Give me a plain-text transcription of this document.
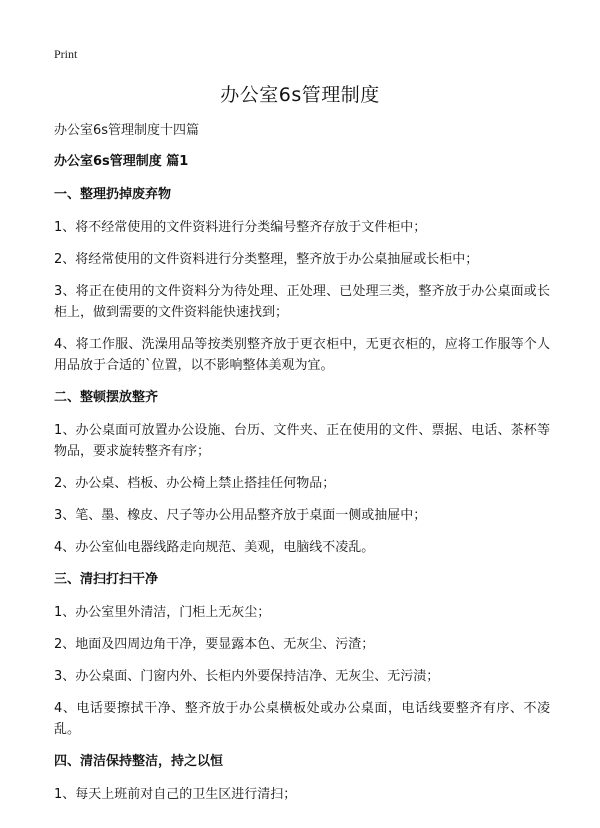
Print
办公室6s管理制度

办公室6s管理制度十四篇

办公室6s管理制度 篇1

一、整理扔掉废弃物

1、将不经常使用的文件资料进行分类编号整齐存放于文件柜中；

2、将经常使用的文件资料进行分类整理，整齐放于办公桌抽屉或长柜中；

3、将正在使用的文件资料分为待处理、正处理、已处理三类，整齐放于办公桌面或长柜上，做到需要的文件资料能快速找到；

4、将工作服、洗澡用品等按类别整齐放于更衣柜中，无更衣柜的，应将工作服等个人用品放于合适的`位置，以不影响整体美观为宜。

二、整顿摆放整齐

1、办公桌面可放置办公设施、台历、文件夹、正在使用的文件、票据、电话、茶杯等物品，要求旋转整齐有序；

2、办公桌、档板、办公椅上禁止搭挂任何物品；

3、笔、墨、橡皮、尺子等办公用品整齐放于桌面一侧或抽屉中；

4、办公室仙电器线路走向规范、美观，电脑线不凌乱。

三、清扫打扫干净

1、办公室里外清洁，门柜上无灰尘；

2、地面及四周边角干净，要显露本色、无灰尘、污渣；

3、办公桌面、门窗内外、长柜内外要保持洁净、无灰尘、无污渍；

4、电话要擦拭干净、整齐放于办公桌横板处或办公桌面，电话线要整齐有序、不凌乱。

四、清洁保持整洁，持之以恒

1、每天上班前对自己的卫生区进行清扫；
